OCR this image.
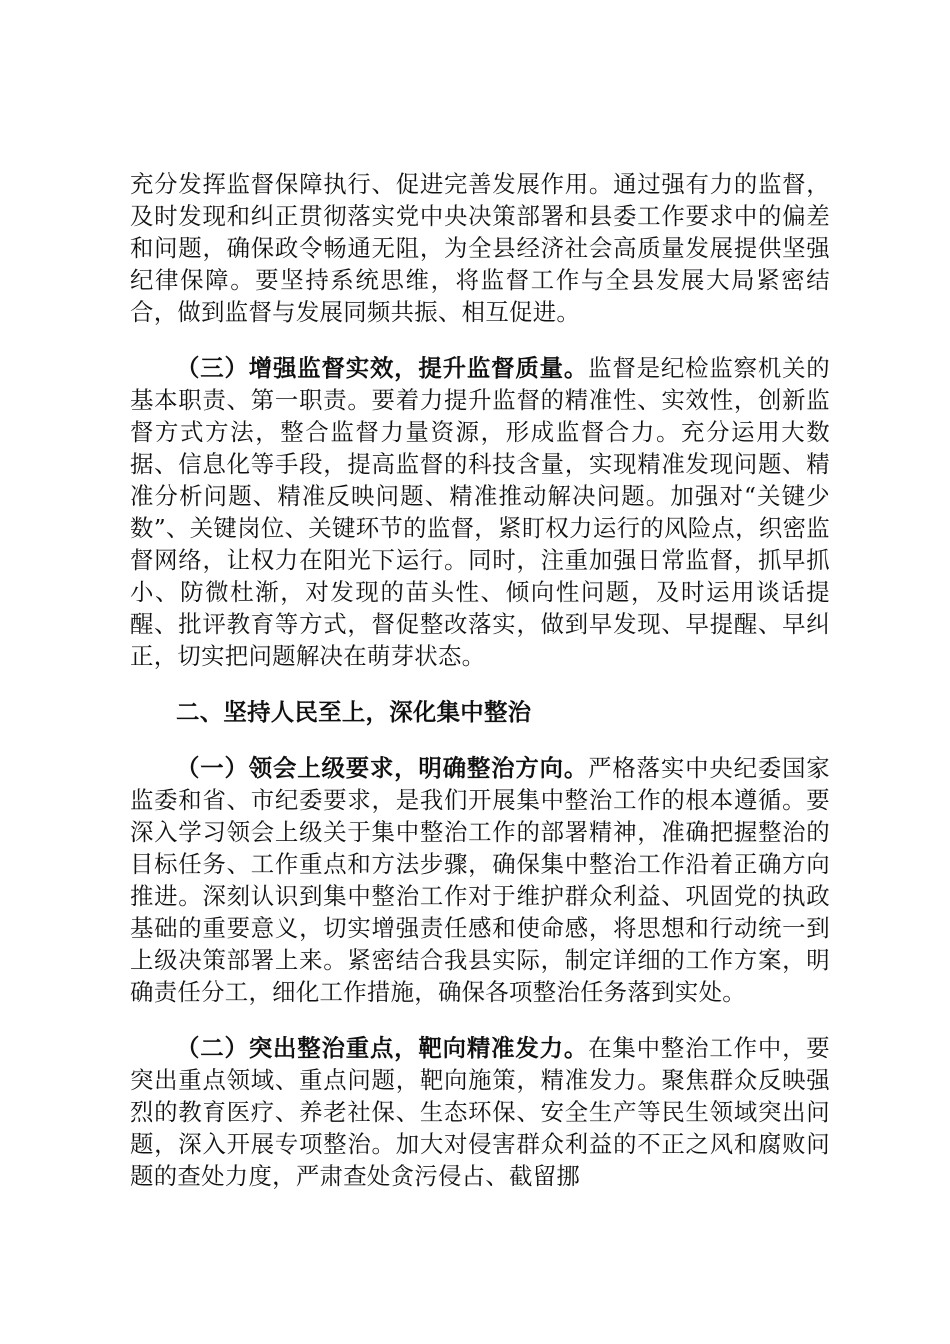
充分发挥监督保障执行、促进完善发展作用。通过强有力的监督，及时发现和纠正贯彻落实党中央决策部署和县委工作要求中的偏差和问题，确保政令畅通无阻，为全县经济社会高质量发展提供坚强纪律保障。要坚持系统思维，将监督工作与全县发展大局紧密结合，做到监督与发展同频共振、相互促进。

（三）增强监督实效，提升监督质量。监督是纪检监察机关的基本职责、第一职责。要着力提升监督的精准性、实效性，创新监督方式方法，整合监督力量资源，形成监督合力。充分运用大数据、信息化等手段，提高监督的科技含量，实现精准发现问题、精准分析问题、精准反映问题、精准推动解决问题。加强对“关键少数”、关键岗位、关键环节的监督，紧盯权力运行的风险点，织密监督网络，让权力在阳光下运行。同时，注重加强日常监督，抓早抓小、防微杜渐，对发现的苗头性、倾向性问题，及时运用谈话提醒、批评教育等方式，督促整改落实，做到早发现、早提醒、早纠正，切实把问题解决在萌芽状态。

二、坚持人民至上，深化集中整治

（一）领会上级要求，明确整治方向。严格落实中央纪委国家监委和省、市纪委要求，是我们开展集中整治工作的根本遵循。要深入学习领会上级关于集中整治工作的部署精神，准确把握整治的目标任务、工作重点和方法步骤，确保集中整治工作沿着正确方向推进。深刻认识到集中整治工作对于维护群众利益、巩固党的执政基础的重要意义，切实增强责任感和使命感，将思想和行动统一到上级决策部署上来。紧密结合我县实际，制定详细的工作方案，明确责任分工，细化工作措施，确保各项整治任务落到实处。

（二）突出整治重点，靶向精准发力。在集中整治工作中，要突出重点领域、重点问题，靶向施策，精准发力。聚焦群众反映强烈的教育医疗、养老社保、生态环保、安全生产等民生领域突出问题，深入开展专项整治。加大对侵害群众利益的不正之风和腐败问题的查处力度，严肃查处贪污侵占、截留挪
